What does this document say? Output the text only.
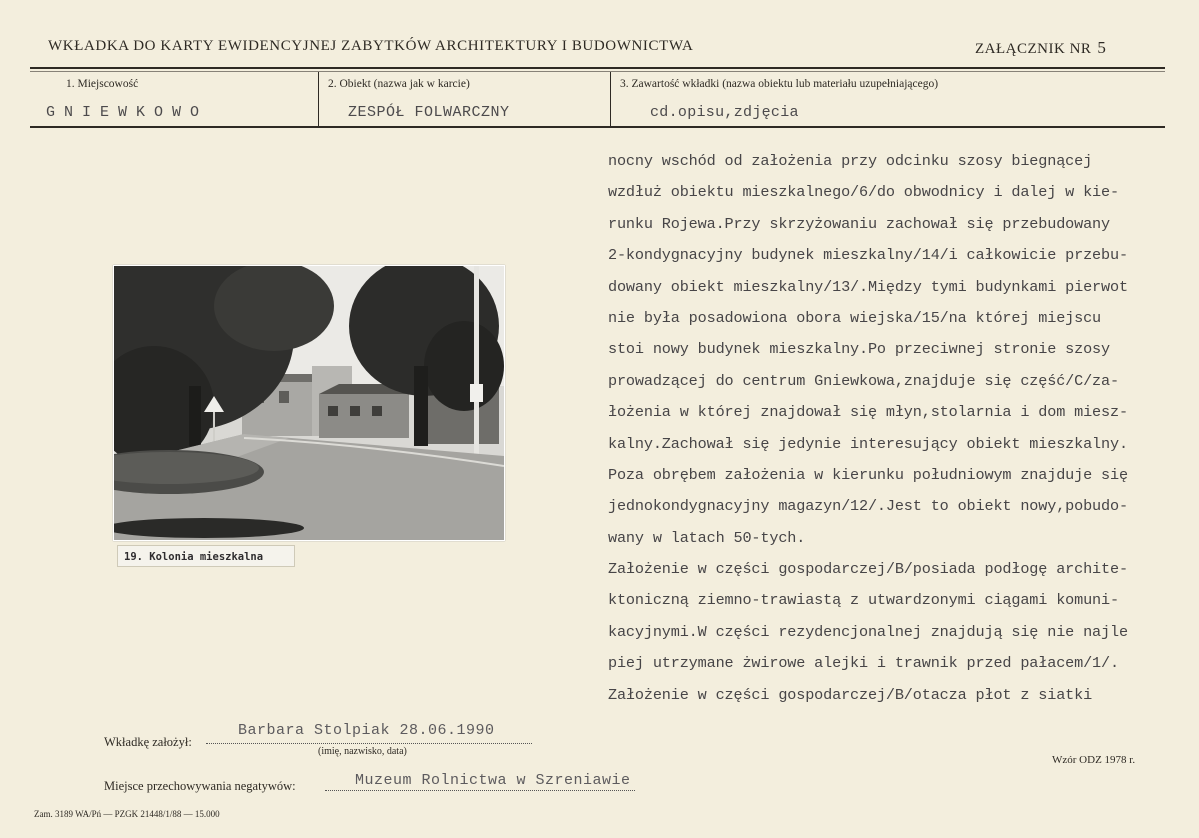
WKŁADKA DO KARTY EWIDENCYJNEJ ZABYTKÓW ARCHITEKTURY I BUDOWNICTWA	ZAŁĄCZNIK NR 5
1. Miejscowość	2. Obiekt (nazwa jak w karcie)	3. Zawartość wkładki (nazwa obiektu lub materiału uzupełniającego)
GNIEWKOWO	ZESPÓŁ FOLWARCZNY	cd.opisu,zdjęcia
nocny wschód od założenia przy odcinku szosy biegnącej
wzdłuż obiektu mieszkalnego/6/do obwodnicy i dalej w kie-
runku Rojewa.Przy skrzyżowaniu zachował się przebudowany
2-kondygnacyjny budynek mieszkalny/14/i całkowicie przebu-
dowany obiekt mieszkalny/13/.Między tymi budynkami pierwot
nie była posadowiona obora wiejska/15/na której miejscu
stoi nowy budynek mieszkalny.Po przeciwnej stronie szosy
prowadzącej do centrum Gniewkowa,znajduje się część/C/za-
łożenia w której znajdował się młyn,stolarnia i dom miesz-
kalny.Zachował się jedynie interesujący obiekt mieszkalny.
Poza obrębem założenia w kierunku południowym znajduje się
jednokondygnacyjny magazyn/12/.Jest to obiekt nowy,pobudo-
wany w latach 50-tych.
Założenie w części gospodarczej/B/posiada podłogę archite-
ktoniczną ziemno-trawiastą z utwardzonymi ciągami komuni-
kacyjnymi.W części rezydencjonalnej znajdują się nie najle
piej utrzymane żwirowe alejki i trawnik przed pałacem/1/.
Założenie w części gospodarczej/B/otacza płot z siatki
19. Kolonia mieszkalna
Wkładkę założył:
Barbara Stolpiak 28.06.1990
(imię, nazwisko, data)
Miejsce przechowywania negatywów:	Muzeum Rolnictwa w Szreniawie
Wzór ODZ 1978 r.
Zam. 3189 WA/Pń — PZGK 21448/1/88 — 15.000
